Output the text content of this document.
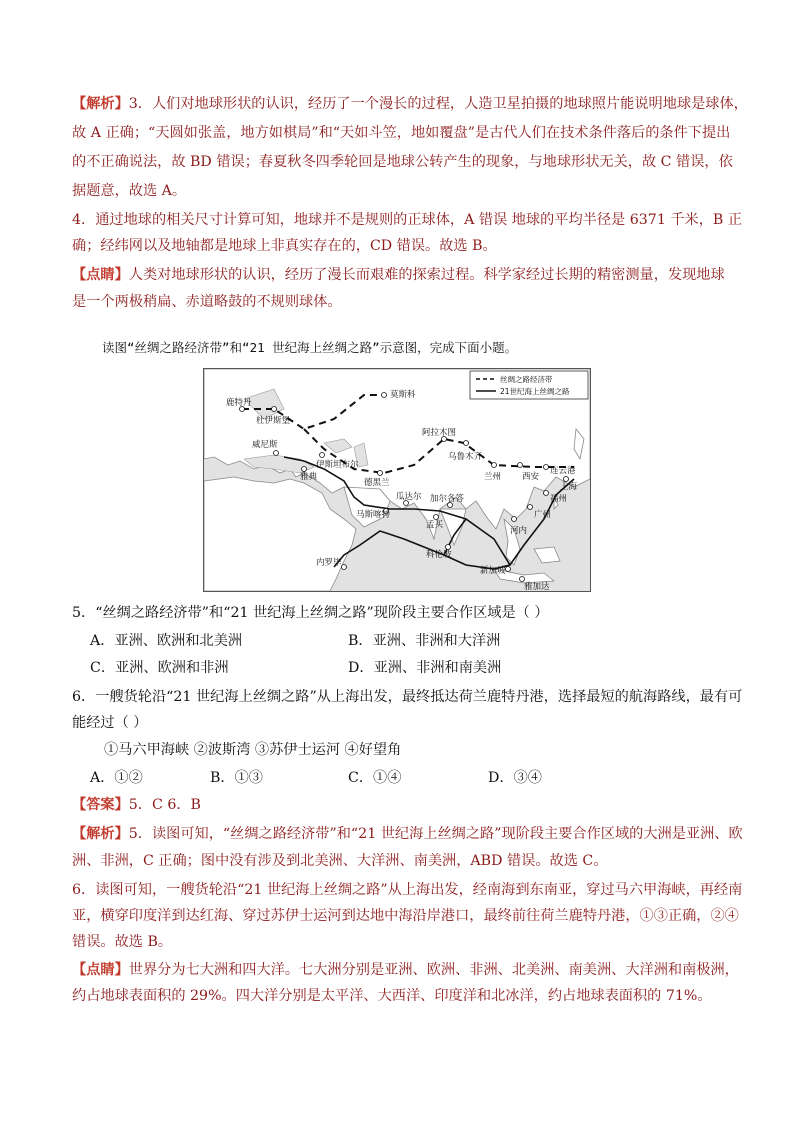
【解析】3．人们对地球形状的认识，经历了一个漫长的过程，人造卫星拍摄的地球照片能说明地球是球体，
故 A 正确；“天圆如张盖，地方如棋局”和“天如斗笠，地如覆盘”是古代人们在技术条件落后的条件下提出
的不正确说法，故 BD 错误；春夏秋冬四季轮回是地球公转产生的现象，与地球形状无关，故 C 错误，依
据题意，故选 A。
4．通过地球的相关尺寸计算可知，地球并不是规则的正球体，A 错误 地球的平均半径是 6371 千米，B 正
确；经纬网以及地轴都是地球上非真实存在的，CD 错误。故选 B。
【点睛】人类对地球形状的认识，经历了漫长而艰难的探索过程。科学家经过长期的精密测量，发现地球
是一个两极稍扁、赤道略鼓的不规则球体。
读图“丝绸之路经济带”和“21 世纪海上丝绸之路”示意图，完成下面小题。
丝绸之路经济带
21世纪海上丝绸之路
莫斯科
鹿特丹
杜伊斯堡
威尼斯
雅典
伊斯坦布尔
阿拉木图
乌鲁木齐
兰州 西安
连云港
上海
福州
广州
德黑兰
瓜达尔
马斯喀特
加尔各答
孟买
科伦坡
河内
内罗毕
新加坡
雅加达
5．“丝绸之路经济带”和“21 世纪海上丝绸之路”现阶段主要合作区域是（ ）
A．亚洲、欧洲和北美洲	B．亚洲、非洲和大洋洲
C．亚洲、欧洲和非洲	D．亚洲、非洲和南美洲
6．一艘货轮沿“21 世纪海上丝绸之路”从上海出发，最终抵达荷兰鹿特丹港，选择最短的航海路线，最有可
能经过（ ）
①马六甲海峡 ②波斯湾 ③苏伊士运河 ④好望角
A．①②	B．①③	C．①④	D．③④
【答案】5．C 6．B
【解析】5．读图可知，“丝绸之路经济带”和“21 世纪海上丝绸之路”现阶段主要合作区域的大洲是亚洲、欧
洲、非洲，C 正确；图中没有涉及到北美洲、大洋洲、南美洲，ABD 错误。故选 C。
6．读图可知，一艘货轮沿“21 世纪海上丝绸之路”从上海出发，经南海到东南亚，穿过马六甲海峡，再经南
亚，横穿印度洋到达红海、穿过苏伊士运河到达地中海沿岸港口，最终前往荷兰鹿特丹港，①③正确，②④
错误。故选 B。
【点睛】世界分为七大洲和四大洋。七大洲分别是亚洲、欧洲、非洲、北美洲、南美洲、大洋洲和南极洲，
约占地球表面积的 29%。四大洋分别是太平洋、大西洋、印度洋和北冰洋，约占地球表面积的 71%。
